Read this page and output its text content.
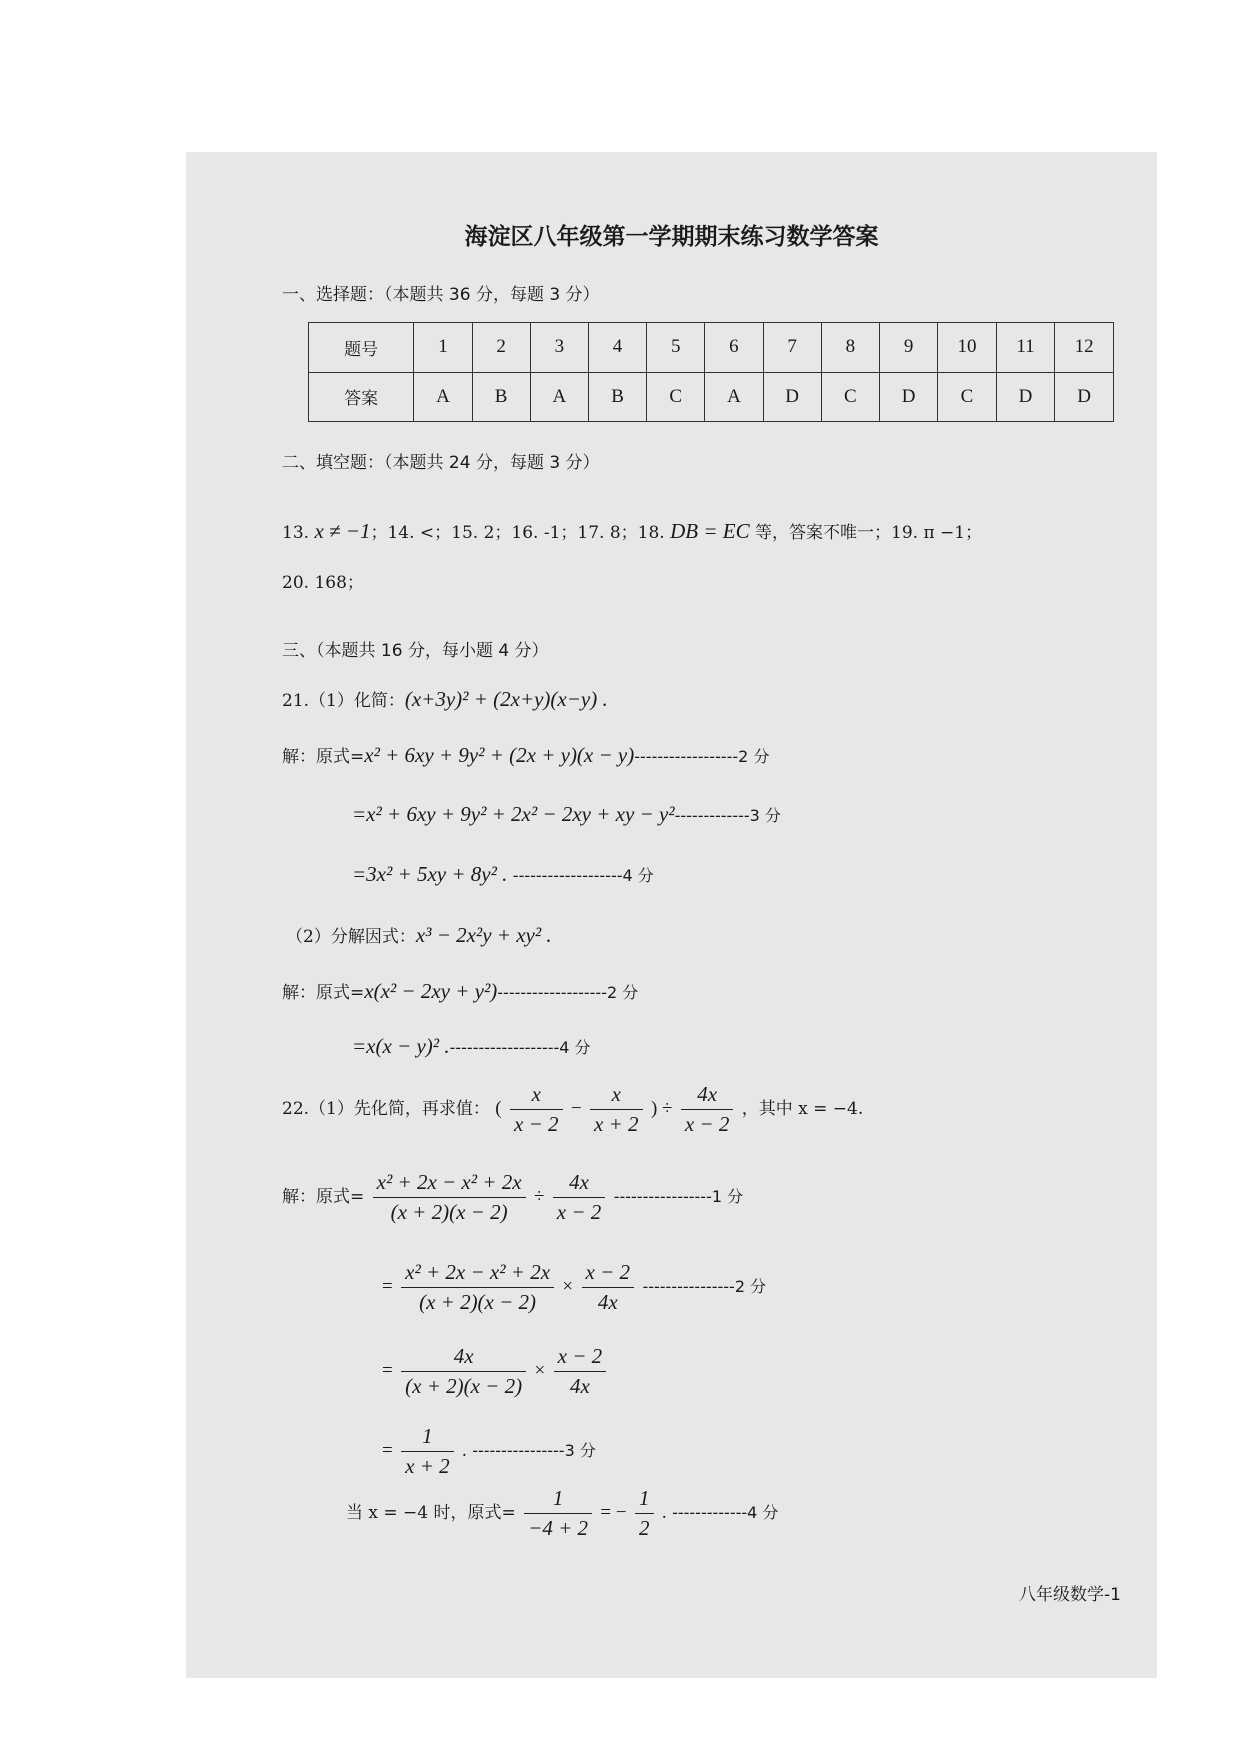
海淀区八年级第一学期期末练习数学答案
一、选择题：（本题共 36 分，每题 3 分）
题号	1	2	3	4	5	6	7	8	9	10	11	12
答案	A	B	A	B	C	A	D	C	D	C	D	D
二、填空题：（本题共 24 分，每题 3 分）
13. x ≠ −1；14. <；15. 2；16. -1；17. 8；18. DB = EC 等，答案不唯一；19. π −1；
20. 168；
三、（本题共 16 分，每小题 4 分）
21.（1）化简：(x+3y)² + (2x+y)(x−y) .
解：原式=x² + 6xy + 9y² + (2x + y)(x − y)------------------2 分
=x² + 6xy + 9y² + 2x² − 2xy + xy − y²-------------3 分
=3x² + 5xy + 8y² . -------------------4 分
（2）分解因式：x³ − 2x²y + xy² .
解：原式=x(x² − 2xy + y²)-------------------2 分
=x(x − y)² .-------------------4 分
22.（1）先化简，再求值： ( $\frac{x}{x - 2} - \frac{x}{x + 2}$ ) ÷ $\frac{4x}{x - 2}$ ，其中 x = −4.
解：原式= $\frac{\text{x² + 2x − x² + 2x}}{(x + 2)(x - 2)} \div \frac{4x}{x - 2} -----------------1$ 分
= $\frac{\text{x² + 2x − x² + 2x}}{(x + 2)(x - 2)} \times \frac{x - 2}{4x} ----------------2$ 分
= $\frac{4x}{(x + 2)(x - 2)} \times \frac{x - 2}{4x}$
= $\frac{1}{x + 2}$ . ----------------3 分
当 x = −4 时，原式= $\frac{1}{-4 + 2}$ = − $\frac{1}{2}$ . -------------4 分
八年级数学-1
